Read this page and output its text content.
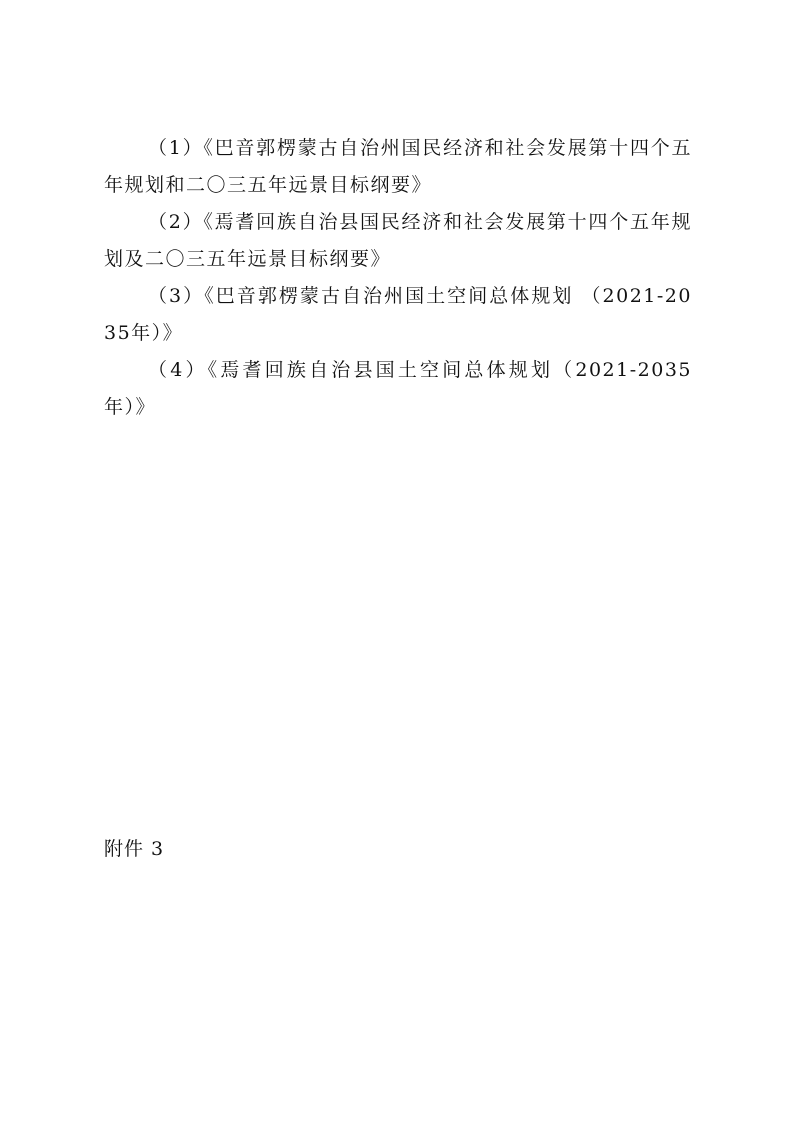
（1）《巴音郭楞蒙古自治州国民经济和社会发展第十四个五年规划和二〇三五年远景目标纲要》

（2）《焉耆回族自治县国民经济和社会发展第十四个五年规划及二〇三五年远景目标纲要》

（3）《巴音郭楞蒙古自治州国土空间总体规划 （2021-2035年）》

（4）《焉耆回族自治县国土空间总体规划（2021-2035年）》

附件 3
